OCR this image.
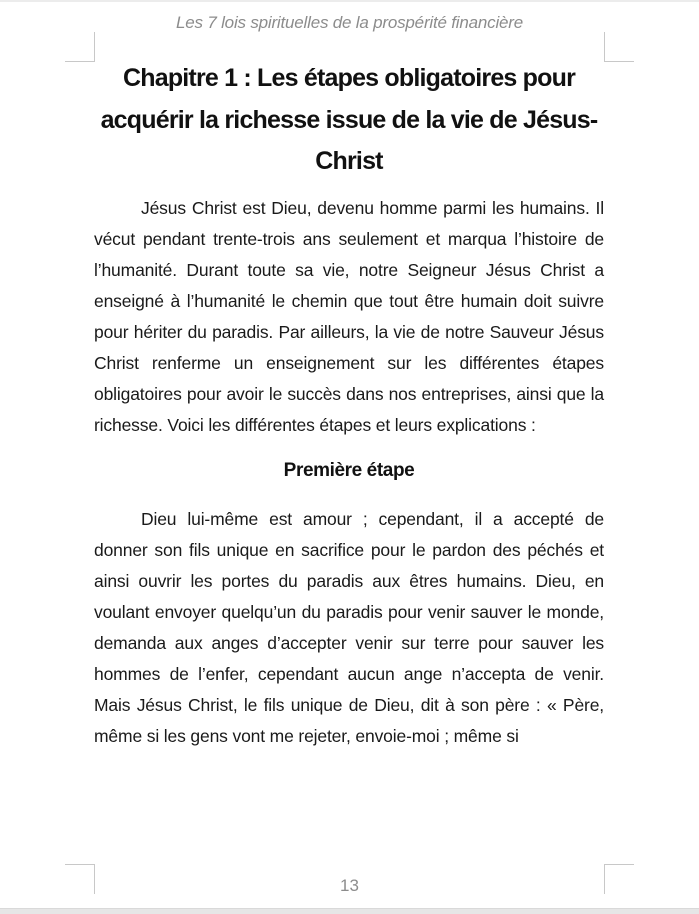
Les 7 lois spirituelles de la prospérité financière
Chapitre 1 : Les étapes obligatoires pour acquérir la richesse issue de la vie de Jésus-Christ

Jésus Christ est Dieu, devenu homme parmi les humains. Il vécut pendant trente-trois ans seulement et marqua l’histoire de l’humanité. Durant toute sa vie, notre Seigneur Jésus Christ a enseigné à l’humanité le chemin que tout être humain doit suivre pour hériter du paradis. Par ailleurs, la vie de notre Sauveur Jésus Christ renferme un enseignement sur les différentes étapes obligatoires pour avoir le succès dans nos entreprises, ainsi que la richesse. Voici les différentes étapes et leurs explications :

Première étape

Dieu lui-même est amour ; cependant, il a accepté de donner son fils unique en sacrifice pour le pardon des péchés et ainsi ouvrir les portes du paradis aux êtres humains. Dieu, en voulant envoyer quelqu’un du paradis pour venir sauver le monde, demanda aux anges d’accepter venir sur terre pour sauver les hommes de l’enfer, cependant aucun ange n’accepta de venir. Mais Jésus Christ, le fils unique de Dieu, dit à son père : « Père, même si les gens vont me rejeter, envoie-moi ; même si

13
